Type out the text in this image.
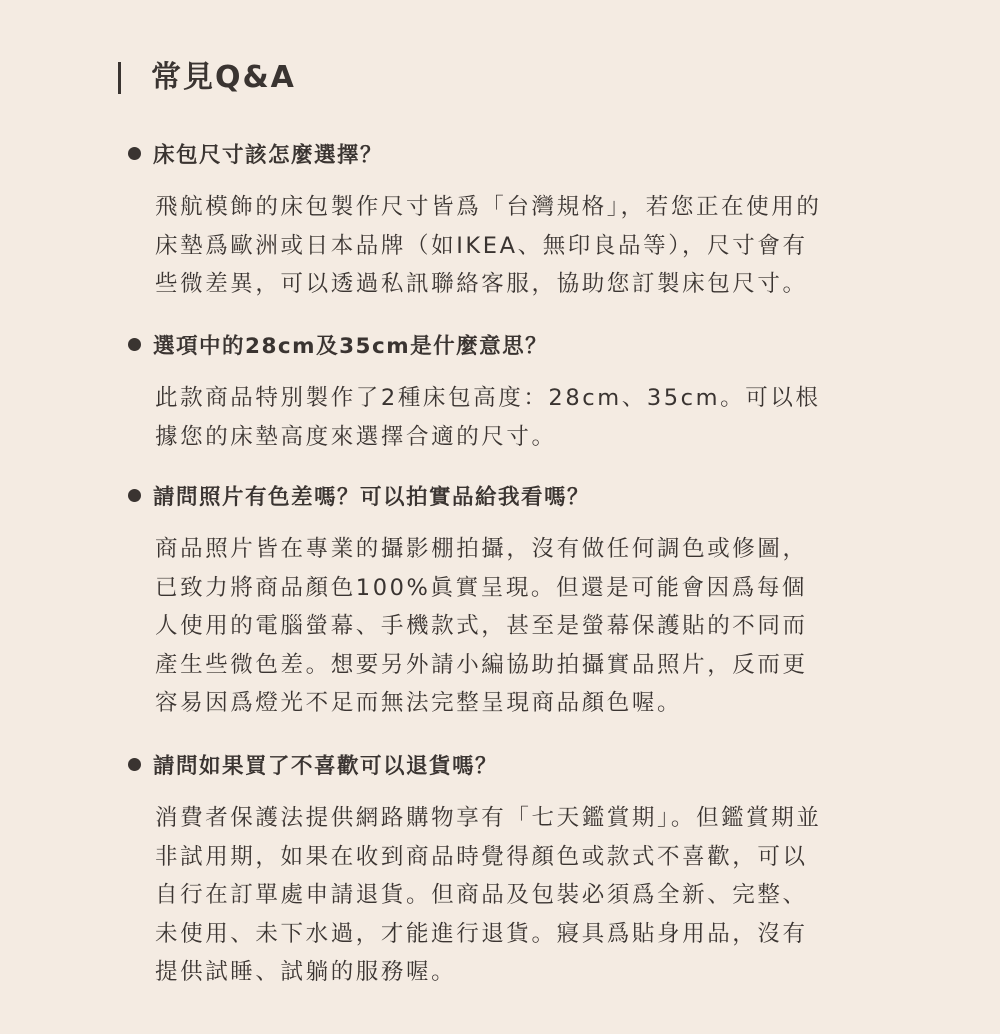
常見Q&A
床包尺寸該怎麼選擇？
飛航模飾的床包製作尺寸皆爲「台灣規格」，若您正在使用的
床墊爲歐洲或日本品牌（如IKEA、無印良品等），尺寸會有
些微差異，可以透過私訊聯絡客服，協助您訂製床包尺寸。
選項中的28cm及35cm是什麼意思？
此款商品特別製作了2種床包高度：28cm、35cm。可以根
據您的床墊高度來選擇合適的尺寸。
請問照片有色差嗎？可以拍實品給我看嗎？
商品照片皆在專業的攝影棚拍攝，沒有做任何調色或修圖，
已致力將商品顏色100%眞實呈現。但還是可能會因爲每個
人使用的電腦螢幕、手機款式，甚至是螢幕保護貼的不同而
產生些微色差。想要另外請小編協助拍攝實品照片，反而更
容易因爲燈光不足而無法完整呈現商品顏色喔。
請問如果買了不喜歡可以退貨嗎？
消費者保護法提供網路購物享有「七天鑑賞期」。但鑑賞期並
非試用期，如果在收到商品時覺得顏色或款式不喜歡，可以
自行在訂單處申請退貨。但商品及包裝必須爲全新、完整、
未使用、未下水過，才能進行退貨。寢具爲貼身用品，沒有
提供試睡、試躺的服務喔。
